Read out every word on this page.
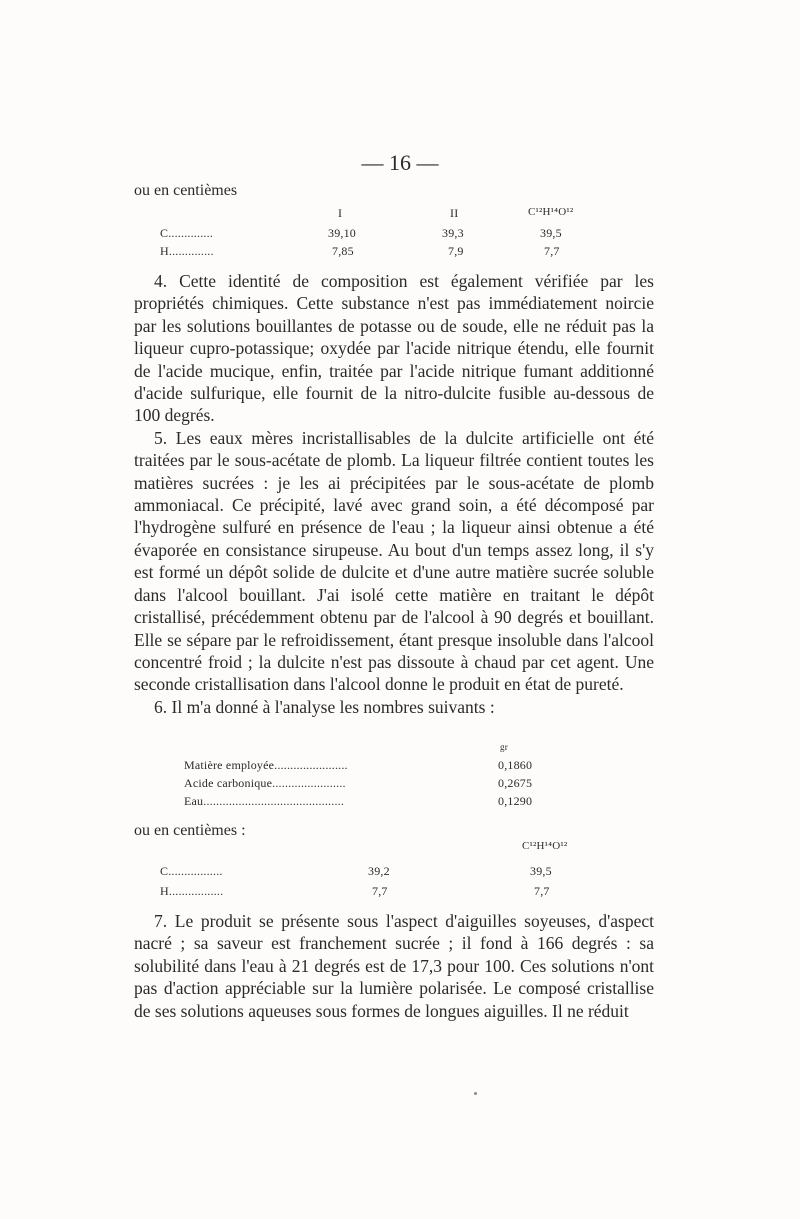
— 16 —
ou en centièmes
I	II	C¹²H¹⁴O¹²
C..............	39,10	39,3	39,5
H..............	7,85	7,9	7,7

4. Cette identité de composition est également vérifiée par les propriétés chimiques. Cette substance n'est pas immédiatement noircie par les solutions bouillantes de potasse ou de soude, elle ne réduit pas la liqueur cupro-potassique; oxydée par l'acide nitrique étendu, elle fournit de l'acide mucique, enfin, traitée par l'acide nitrique fumant additionné d'acide sulfurique, elle fournit de la nitro-dulcite fusible au-dessous de 100 degrés.

5. Les eaux mères incristallisables de la dulcite artificielle ont été traitées par le sous-acétate de plomb. La liqueur filtrée contient toutes les matières sucrées : je les ai précipitées par le sous-acétate de plomb ammoniacal. Ce précipité, lavé avec grand soin, a été décomposé par l'hydrogène sulfuré en présence de l'eau ; la liqueur ainsi obtenue a été évaporée en consistance sirupeuse. Au bout d'un temps assez long, il s'y est formé un dépôt solide de dulcite et d'une autre matière sucrée soluble dans l'alcool bouillant. J'ai isolé cette matière en traitant le dépôt cristallisé, précédemment obtenu par de l'alcool à 90 degrés et bouillant. Elle se sépare par le refroidissement, étant presque insoluble dans l'alcool concentré froid ; la dulcite n'est pas dissoute à chaud par cet agent. Une seconde cristallisation dans l'alcool donne le produit en état de pureté.

6. Il m'a donné à l'analyse les nombres suivants :

gr
Matière employée.......................	0,1860
Acide carbonique.......................	0,2675
Eau............................................	0,1290
ou en centièmes :
C¹²H¹⁴O¹²
C.................	39,2	39,5
H.................	7,7	7,7

7. Le produit se présente sous l'aspect d'aiguilles soyeuses, d'aspect nacré ; sa saveur est franchement sucrée ; il fond à 166 degrés : sa solubilité dans l'eau à 21 degrés est de 17,3 pour 100. Ces solutions n'ont pas d'action appréciable sur la lumière polarisée. Le composé cristallise de ses solutions aqueuses sous formes de longues aiguilles. Il ne réduit
